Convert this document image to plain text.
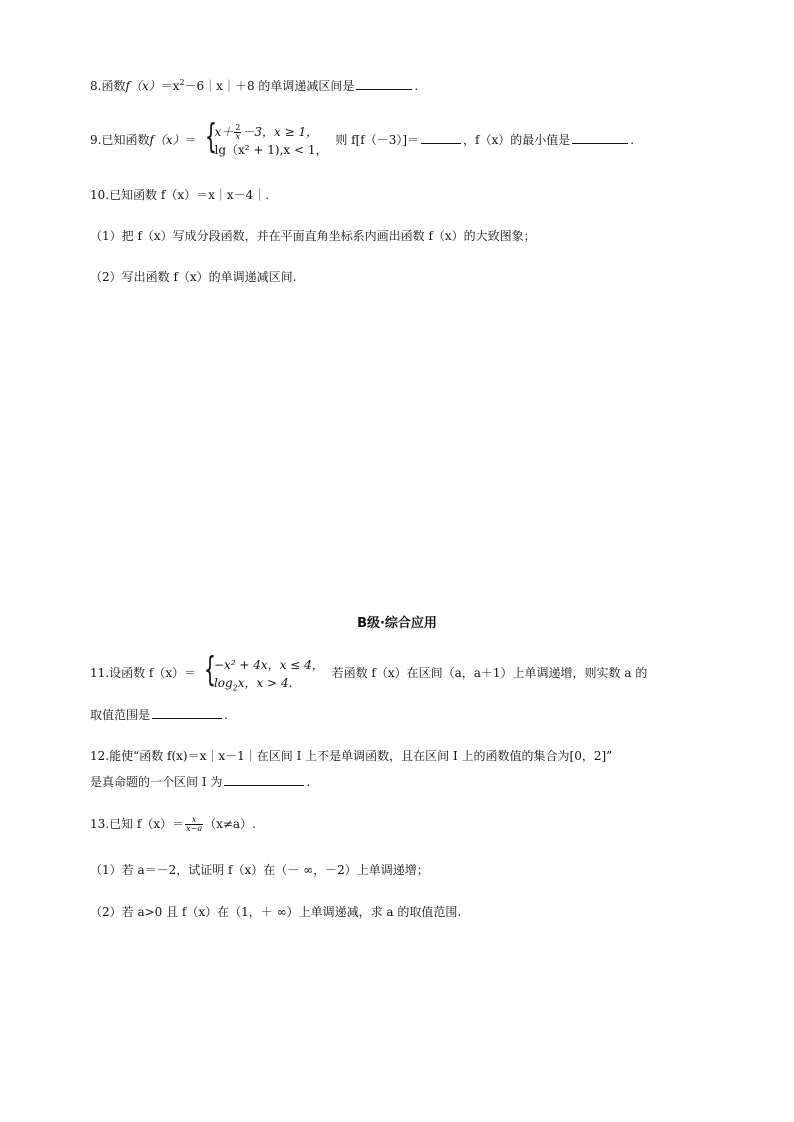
8.函数$f(x)=x^2-6|x|+8$ 的单调递减区间是	.
9.已知函数f（x）＝ {
$x+ \frac{2}{x} -3$，x ≥ 1，
lg（x² + 1),x < 1，
则 f[f（－3）]＝	，f（x）的最小值是	.
10.已知函数 f（x）＝x｜x－4｜.
（1）把 f（x）写成分段函数，并在平面直角坐标系内画出函数 f（x）的大致图象；
（2）写出函数 f（x）的单调递减区间.
B级·综合应用
11.设函数 f（x）＝ {
−x² + 4x，x ≤ 4，
$\log_2x$，x > 4.
若函数 f（x）在区间（a，a＋1）上单调递增，则实数 a 的
取值范围是	.
12.能使“函数 f(x)＝x｜x－1｜在区间 I 上不是单调函数，且在区间 I 上的函数值的集合为[0，2]”
是真命题的一个区间 I 为	.
13.已知 $f(x)= \frac{x}{x-a} (x\ne a)$.
（1）若 a＝－2，试证明 f（x）在（－ ∞，－2）上单调递增；
（2）若 a>0 且 f（x）在（1，＋ ∞）上单调递减，求 a 的取值范围.
